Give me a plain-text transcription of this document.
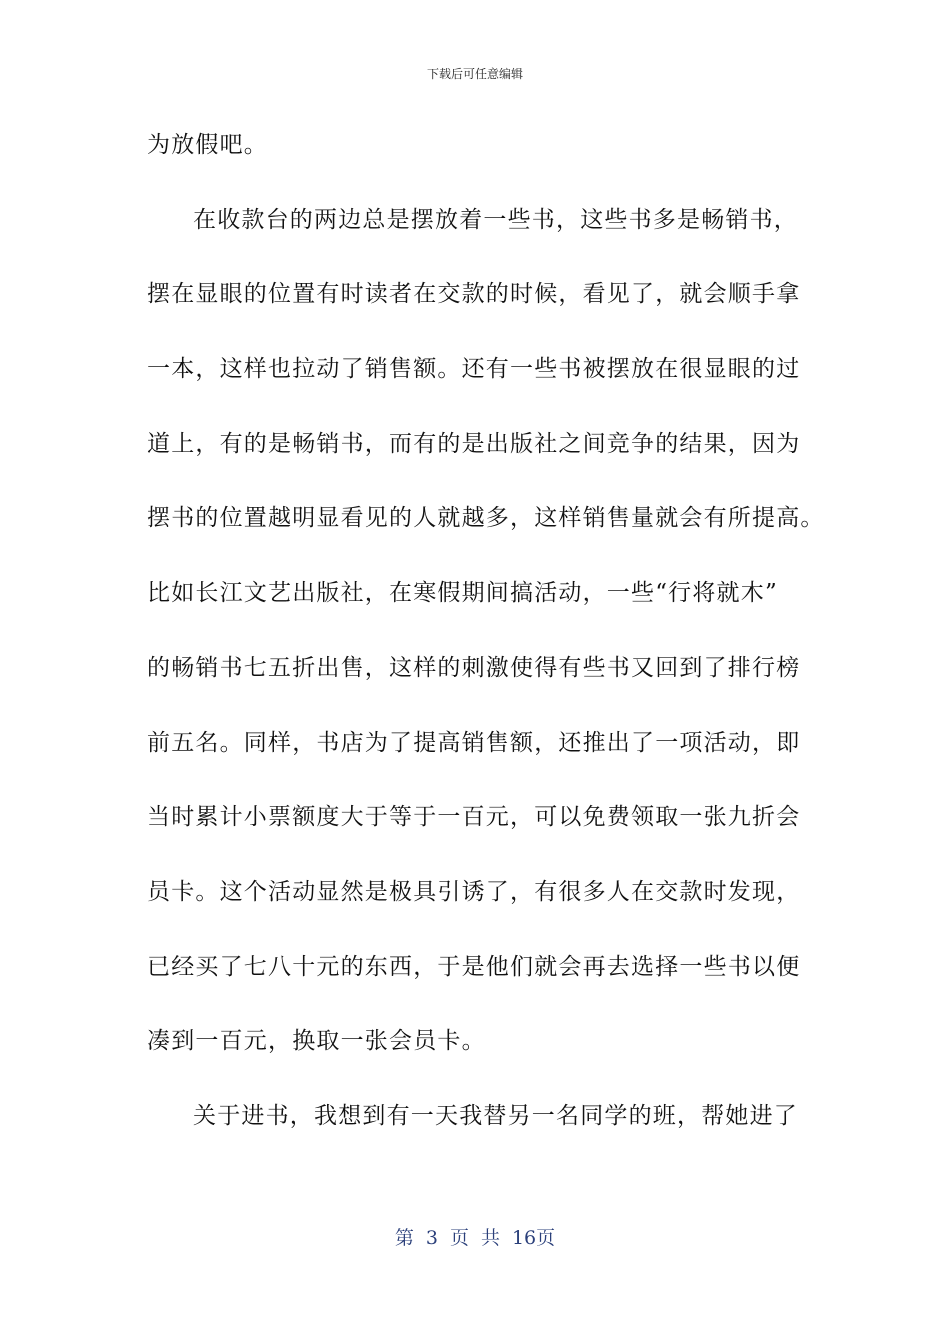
下载后可任意编辑
为放假吧。
在收款台的两边总是摆放着一些书，这些书多是畅销书，
摆在显眼的位置有时读者在交款的时候，看见了，就会顺手拿
一本，这样也拉动了销售额。还有一些书被摆放在很显眼的过
道上，有的是畅销书，而有的是出版社之间竞争的结果，因为
摆书的位置越明显看见的人就越多，这样销售量就会有所提高。
比如长江文艺出版社，在寒假期间搞活动，一些“行将就木”
的畅销书七五折出售，这样的刺激使得有些书又回到了排行榜
前五名。同样，书店为了提高销售额，还推出了一项活动，即
当时累计小票额度大于等于一百元，可以免费领取一张九折会
员卡。这个活动显然是极具引诱了，有很多人在交款时发现，
已经买了七八十元的东西，于是他们就会再去选择一些书以便
凑到一百元，换取一张会员卡。
关于进书，我想到有一天我替另一名同学的班，帮她进了
第 3 页 共 16页
